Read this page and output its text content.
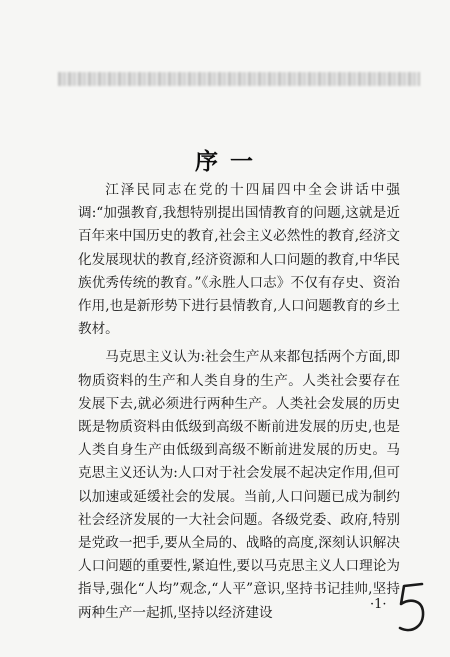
序 一

江泽民同志在党的十四届四中全会讲话中强调:“加强教育,我想特别提出国情教育的问题,这就是近百年来中国历史的教育,社会主义必然性的教育,经济文化发展现状的教育,经济资源和人口问题的教育,中华民族优秀传统的教育。”《永胜人口志》不仅有存史、资治作用,也是新形势下进行县情教育,人口问题教育的乡土教材。

马克思主义认为:社会生产从来都包括两个方面,即物质资料的生产和人类自身的生产。人类社会要存在发展下去,就必须进行两种生产。人类社会发展的历史既是物质资料由低级到高级不断前进发展的历史,也是人类自身生产由低级到高级不断前进发展的历史。马克思主义还认为:人口对于社会发展不起决定作用,但可以加速或延缓社会的发展。当前,人口问题已成为制约社会经济发展的一大社会问题。各级党委、政府,特别是党政一把手,要从全局的、战略的高度,深刻认识解决人口问题的重要性,紧迫性,要以马克思主义人口理论为指导,强化“人均”观念,“人平”意识,坚持书记挂帅,坚持两种生产一起抓,坚持以经济建设

·1·
